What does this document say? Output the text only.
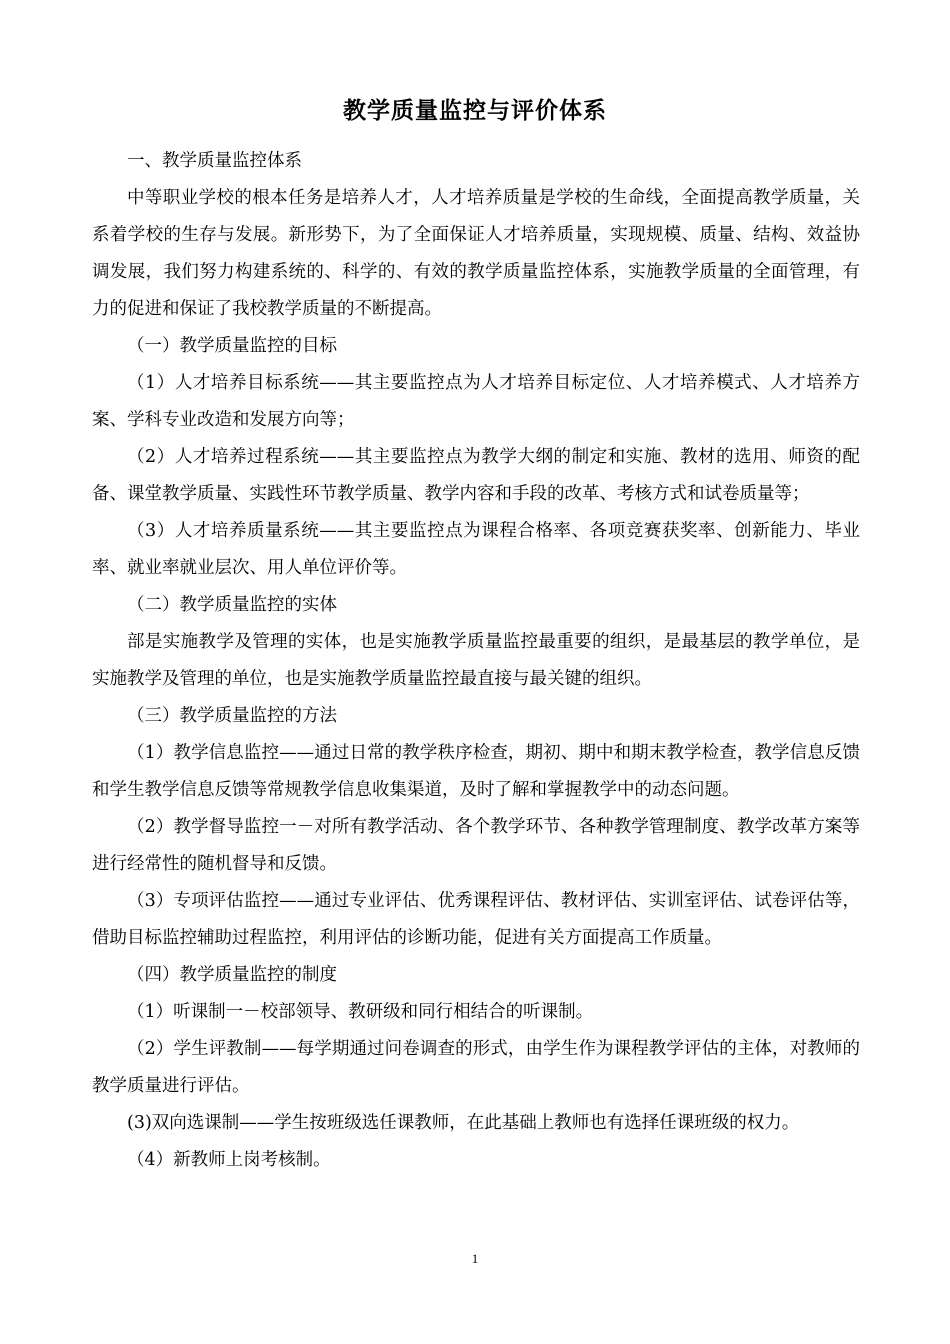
教学质量监控与评价体系

一、教学质量监控体系

中等职业学校的根本任务是培养人才，人才培养质量是学校的生命线，全面提高教学质量，关系着学校的生存与发展。新形势下，为了全面保证人才培养质量，实现规模、质量、结构、效益协调发展，我们努力构建系统的、科学的、有效的教学质量监控体系，实施教学质量的全面管理，有力的促进和保证了我校教学质量的不断提高。

（一）教学质量监控的目标

（1）人才培养目标系统——其主要监控点为人才培养目标定位、人才培养模式、人才培养方案、学科专业改造和发展方向等；

（2）人才培养过程系统——其主要监控点为教学大纲的制定和实施、教材的选用、师资的配备、课堂教学质量、实践性环节教学质量、教学内容和手段的改革、考核方式和试卷质量等；

（3）人才培养质量系统——其主要监控点为课程合格率、各项竞赛获奖率、创新能力、毕业率、就业率就业层次、用人单位评价等。

（二）教学质量监控的实体

部是实施教学及管理的实体，也是实施教学质量监控最重要的组织，是最基层的教学单位，是实施教学及管理的单位，也是实施教学质量监控最直接与最关键的组织。

（三）教学质量监控的方法

（1）教学信息监控——通过日常的教学秩序检查，期初、期中和期末教学检查，教学信息反馈和学生教学信息反馈等常规教学信息收集渠道，及时了解和掌握教学中的动态问题。

（2）教学督导监控一－对所有教学活动、各个教学环节、各种教学管理制度、教学改革方案等进行经常性的随机督导和反馈。

（3）专项评估监控——通过专业评估、优秀课程评估、教材评估、实训室评估、试卷评估等，借助目标监控辅助过程监控，利用评估的诊断功能，促进有关方面提高工作质量。

（四）教学质量监控的制度

（1）听课制一－校部领导、教研级和同行相结合的听课制。

（2）学生评教制——每学期通过问卷调查的形式，由学生作为课程教学评估的主体，对教师的教学质量进行评估。

(3)双向选课制——学生按班级选任课教师，在此基础上教师也有选择任课班级的权力。

（4）新教师上岗考核制。

1
